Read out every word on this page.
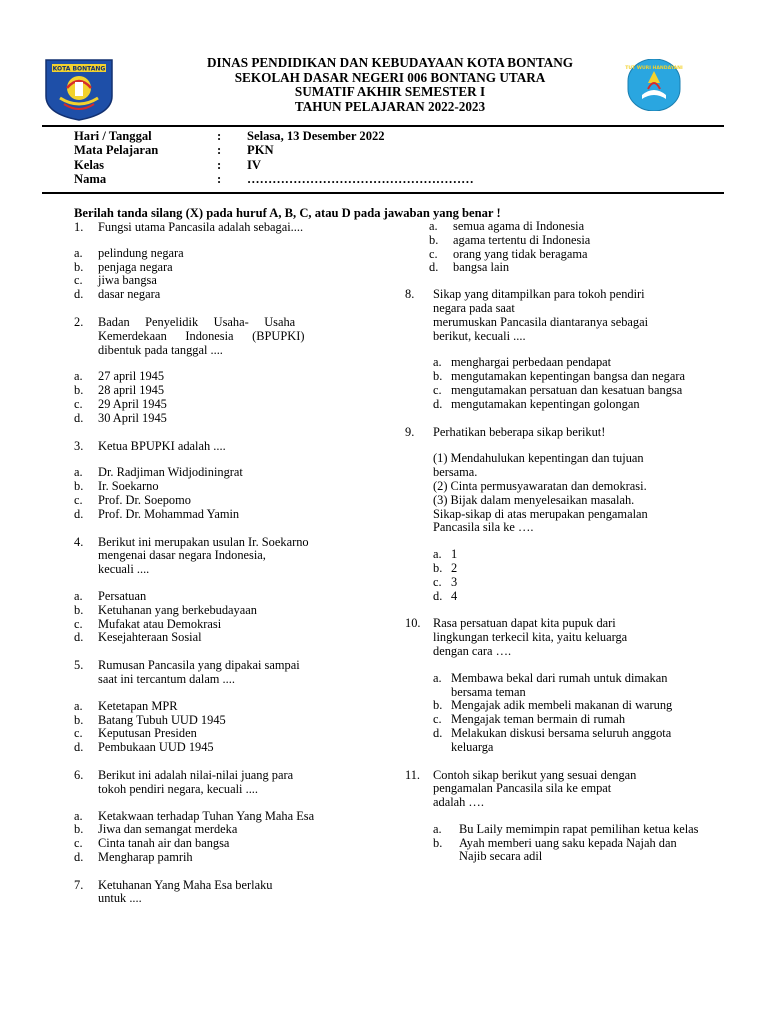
KOTA BONTANG	TUT WURI HANDAYANI
DINAS PENDIDIKAN DAN KEBUDAYAAN KOTA BONTANG
SEKOLAH DASAR NEGERI 006 BONTANG UTARA
SUMATIF AKHIR SEMESTER I
TAHUN PELAJARAN 2022-2023
Hari / Tanggal	: Selasa, 13 Desember 2022
Mata Pelajaran	: PKN
Kelas	: IV
Nama	: ………………………………………………
Berilah tanda silang (X) pada huruf A, B, C, atau D pada jawaban yang benar !
1. Fungsi utama Pancasila adalah sebagai....
a. pelindung negara
b. penjaga negara
c. jiwa bangsa
d. dasar negara
2. Badan     Penyelidik     Usaha-     Usaha
Kemerdekaan      Indonesia      (BPUPKI)
dibentuk pada tanggal ....
a. 27 april 1945
b. 28 april 1945
c. 29 April 1945
d. 30 April 1945
3. Ketua BPUPKI adalah ....
a. Dr. Radjiman Widjodiningrat
b. Ir. Soekarno
c. Prof. Dr. Soepomo
d. Prof. Dr. Mohammad Yamin
4. Berikut ini merupakan usulan Ir. Soekarno
mengenai dasar negara Indonesia,
kecuali ....
a. Persatuan
b. Ketuhanan yang berkebudayaan
c. Mufakat atau Demokrasi
d. Kesejahteraan Sosial
5. Rumusan Pancasila yang dipakai sampai
saat ini tercantum dalam ....
a. Ketetapan MPR
b. Batang Tubuh UUD 1945
c. Keputusan Presiden
d. Pembukaan UUD 1945
6. Berikut ini adalah nilai-nilai juang para
tokoh pendiri negara, kecuali ....
a. Ketakwaan terhadap Tuhan Yang Maha Esa
b. Jiwa dan semangat merdeka
c. Cinta tanah air dan bangsa
d. Mengharap pamrih
7. Ketuhanan Yang Maha Esa berlaku
untuk ....
a. semua agama di Indonesia
b. agama tertentu di Indonesia
c. orang yang tidak beragama
d. bangsa lain
8. Sikap yang ditampilkan para tokoh pendiri
negara pada saat
merumuskan Pancasila diantaranya sebagai
berikut, kecuali ....
a. menghargai perbedaan pendapat
b. mengutamakan kepentingan bangsa dan negara
c. mengutamakan persatuan dan kesatuan bangsa
d. mengutamakan kepentingan golongan
9. Perhatikan beberapa sikap berikut!
(1) Mendahulukan kepentingan dan tujuan
bersama.
(2) Cinta permusyawaratan dan demokrasi.
(3) Bijak dalam menyelesaikan masalah.
Sikap-sikap di atas merupakan pengamalan
Pancasila sila ke ….
a. 1
b. 2
c. 3
d. 4
10. Rasa persatuan dapat kita pupuk dari
lingkungan terkecil kita, yaitu keluarga
dengan cara ….
a. Membawa bekal dari rumah untuk dimakan bersama teman
b. Mengajak adik membeli makanan di warung
c. Mengajak teman bermain di rumah
d. Melakukan diskusi bersama seluruh anggota keluarga
11. Contoh sikap berikut yang sesuai dengan
pengamalan Pancasila sila ke empat
adalah ….
a. Bu Laily memimpin rapat pemilihan ketua kelas
b. Ayah memberi uang saku kepada Najah dan Najib secara adil
